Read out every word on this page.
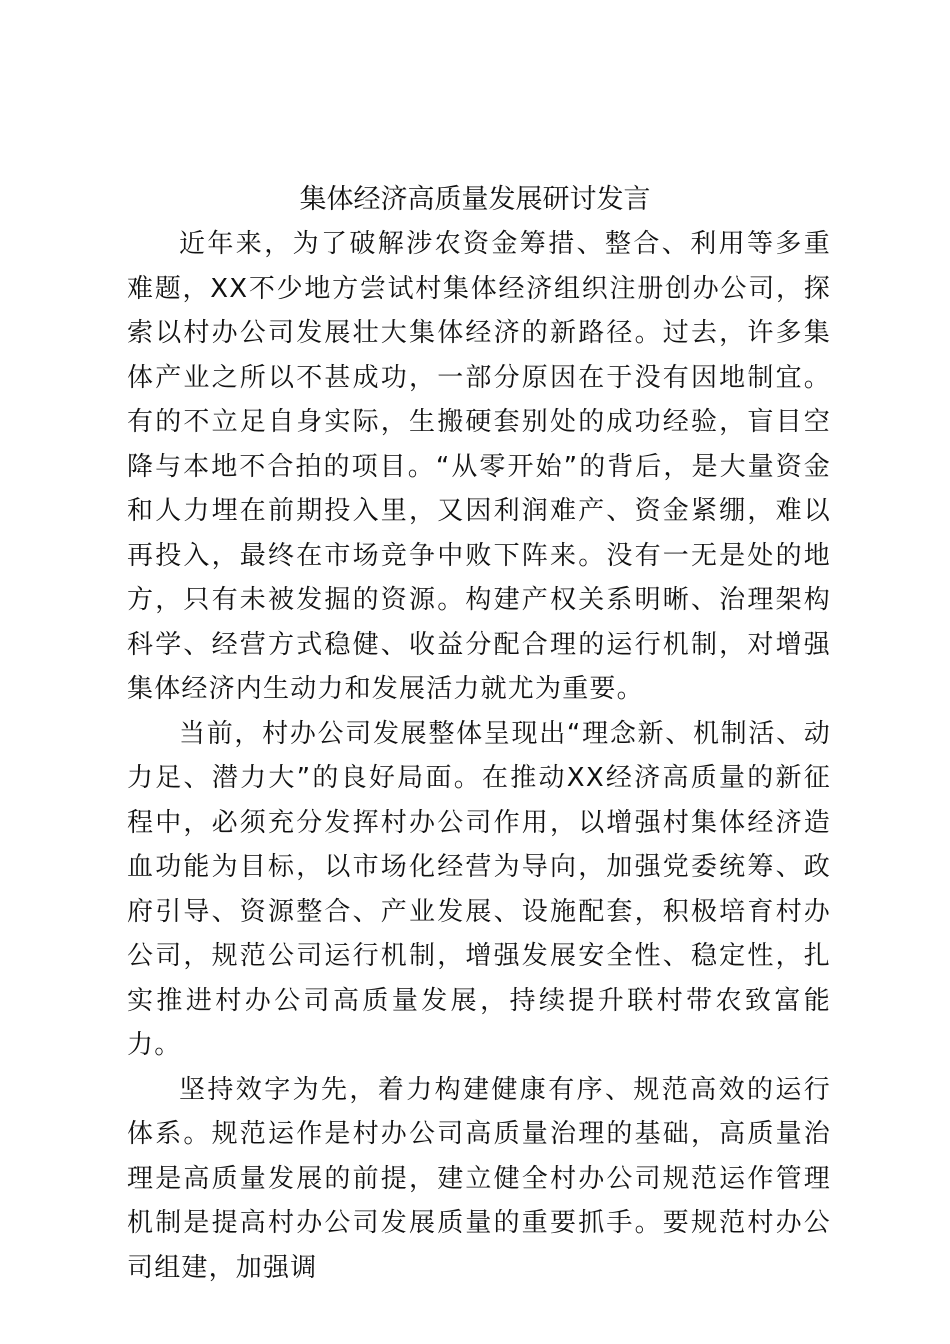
集体经济高质量发展研讨发言

近年来，为了破解涉农资金筹措、整合、利用等多重难题，XX不少地方尝试村集体经济组织注册创办公司，探索以村办公司发展壮大集体经济的新路径。过去，许多集体产业之所以不甚成功，一部分原因在于没有因地制宜。有的不立足自身实际，生搬硬套别处的成功经验，盲目空降与本地不合拍的项目。“从零开始”的背后，是大量资金和人力埋在前期投入里，又因利润难产、资金紧绷，难以再投入，最终在市场竞争中败下阵来。没有一无是处的地方，只有未被发掘的资源。构建产权关系明晰、治理架构科学、经营方式稳健、收益分配合理的运行机制，对增强集体经济内生动力和发展活力就尤为重要。

当前，村办公司发展整体呈现出“理念新、机制活、动力足、潜力大”的良好局面。在推动XX经济高质量的新征程中，必须充分发挥村办公司作用，以增强村集体经济造血功能为目标，以市场化经营为导向，加强党委统筹、政府引导、资源整合、产业发展、设施配套，积极培育村办公司，规范公司运行机制，增强发展安全性、稳定性，扎实推进村办公司高质量发展，持续提升联村带农致富能力。

坚持效字为先，着力构建健康有序、规范高效的运行体系。规范运作是村办公司高质量治理的基础，高质量治理是高质量发展的前提，建立健全村办公司规范运作管理机制是提高村办公司发展质量的重要抓手。要规范村办公司组建，加强调
